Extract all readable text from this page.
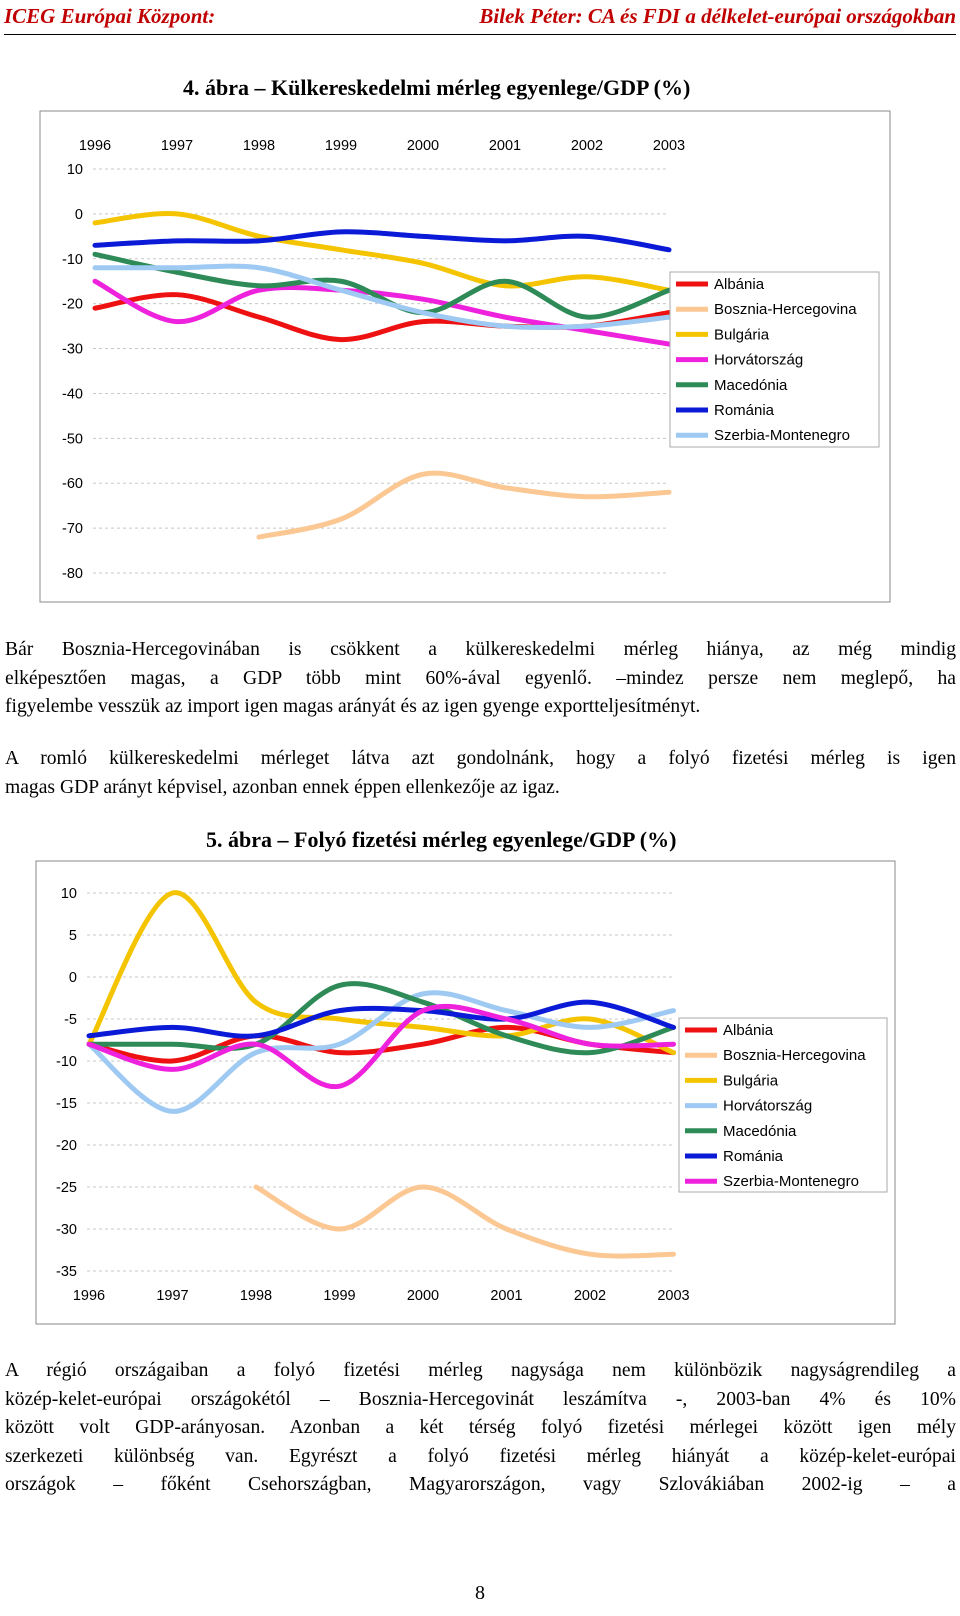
ICEG Európai Központ:	Bilek Péter: CA és FDI a délkelet-európai országokban
4. ábra – Külkereskedelmi mérleg egyenlege/GDP (%)
10
0
-10
-20
-30
-40
-50
-60
-70
-80
1996	1997	1998	1999	2000	2001	2002	2003
Albánia
Bosznia-Hercegovina
Bulgária
Horvátország
Macedónia
Románia
Szerbia-Montenegro

Bár Bosznia-Hercegovinában is csökkent a külkereskedelmi mérleg hiánya, az még mindig
elképesztően magas, a GDP több mint 60%-ával egyenlő. –mindez persze nem meglepő, ha
figyelembe vesszük az import igen magas arányát és az igen gyenge exportteljesítményt.

A romló külkereskedelmi mérleget látva azt gondolnánk, hogy a folyó fizetési mérleg is igen
magas GDP arányt képvisel, azonban ennek éppen ellenkezője az igaz.

5. ábra – Folyó fizetési mérleg egyenlege/GDP (%)
10
5
0
-5
-10
-15
-20
-25
-30
-35
1996	1997	1998	1999	2000	2001	2002	2003
Albánia
Bosznia-Hercegovina
Bulgária
Horvátország
Macedónia
Románia
Szerbia-Montenegro

A régió országaiban a folyó fizetési mérleg nagysága nem különbözik nagyságrendileg a
közép-kelet-európai országokétól – Bosznia-Hercegovinát leszámítva -, 2003-ban 4% és 10%
között volt GDP-arányosan. Azonban a két térség folyó fizetési mérlegei között igen mély
szerkezeti különbség van. Egyrészt a folyó fizetési mérleg hiányát a közép-kelet-európai
országok – főként Csehországban, Magyarországon, vagy Szlovákiában 2002-ig – a

8
